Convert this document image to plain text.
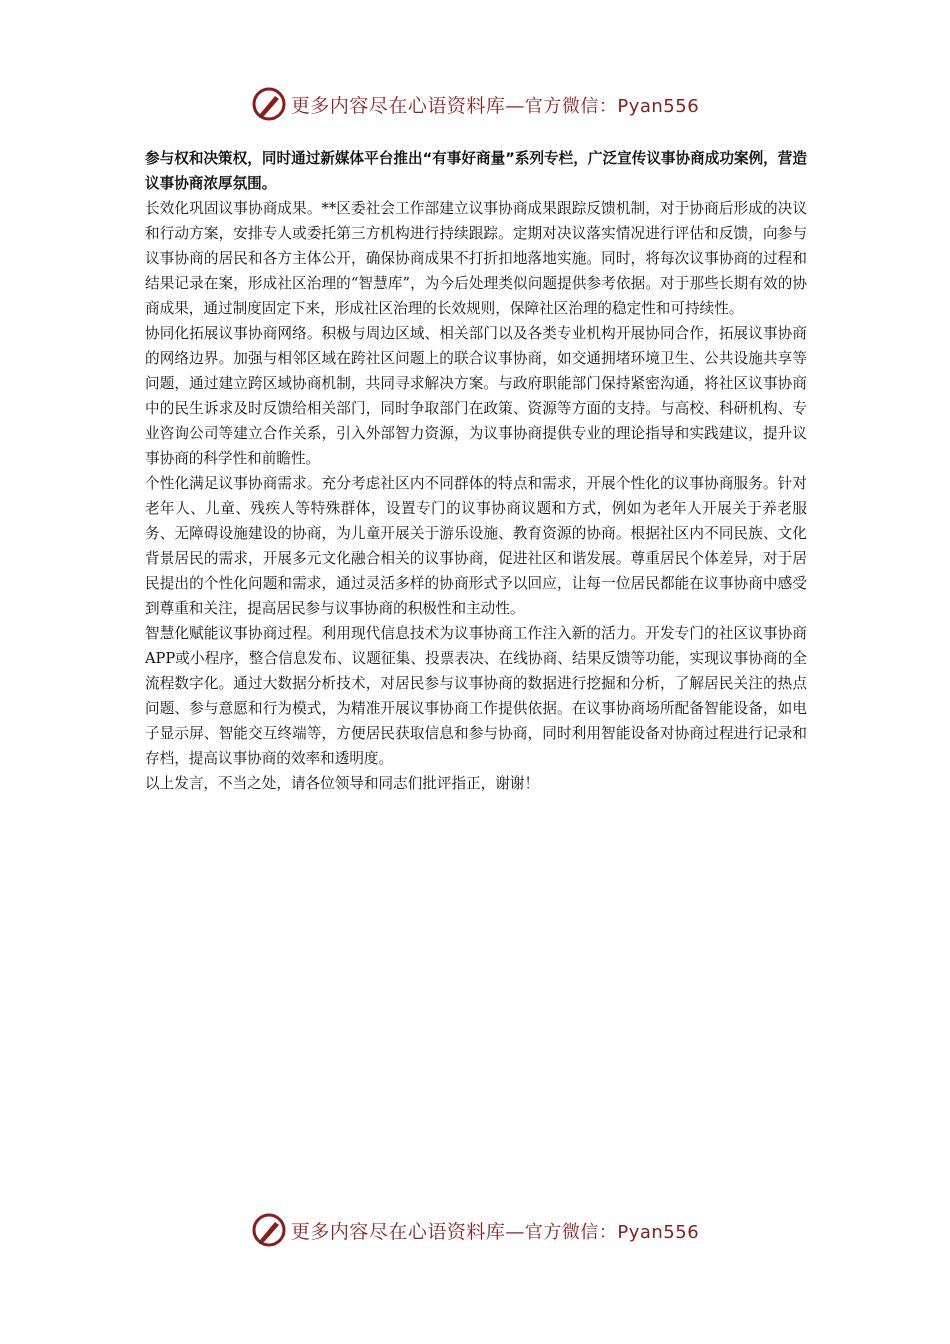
更多内容尽在心语资料库—官方微信：Pyan556

参与权和决策权，同时通过新媒体平台推出“有事好商量”系列专栏，广泛宣传议事协商成功案例，营造议事协商浓厚氛围。

长效化巩固议事协商成果。**区委社会工作部建立议事协商成果跟踪反馈机制，对于协商后形成的决议和行动方案，安排专人或委托第三方机构进行持续跟踪。定期对决议落实情况进行评估和反馈，向参与议事协商的居民和各方主体公开，确保协商成果不打折扣地落地实施。同时，将每次议事协商的过程和结果记录在案，形成社区治理的“智慧库”，为今后处理类似问题提供参考依据。对于那些长期有效的协商成果，通过制度固定下来，形成社区治理的长效规则，保障社区治理的稳定性和可持续性。

协同化拓展议事协商网络。积极与周边区域、相关部门以及各类专业机构开展协同合作，拓展议事协商的网络边界。加强与相邻区域在跨社区问题上的联合议事协商，如交通拥堵环境卫生、公共设施共享等问题，通过建立跨区域协商机制，共同寻求解决方案。与政府职能部门保持紧密沟通，将社区议事协商中的民生诉求及时反馈给相关部门，同时争取部门在政策、资源等方面的支持。与高校、科研机构、专业咨询公司等建立合作关系，引入外部智力资源，为议事协商提供专业的理论指导和实践建议，提升议事协商的科学性和前瞻性。

个性化满足议事协商需求。充分考虑社区内不同群体的特点和需求，开展个性化的议事协商服务。针对老年人、儿童、残疾人等特殊群体，设置专门的议事协商议题和方式，例如为老年人开展关于养老服务、无障碍设施建设的协商，为儿童开展关于游乐设施、教育资源的协商。根据社区内不同民族、文化背景居民的需求，开展多元文化融合相关的议事协商，促进社区和谐发展。尊重居民个体差异，对于居民提出的个性化问题和需求，通过灵活多样的协商形式予以回应，让每一位居民都能在议事协商中感受到尊重和关注，提高居民参与议事协商的积极性和主动性。

智慧化赋能议事协商过程。利用现代信息技术为议事协商工作注入新的活力。开发专门的社区议事协商APP或小程序，整合信息发布、议题征集、投票表决、在线协商、结果反馈等功能，实现议事协商的全流程数字化。通过大数据分析技术，对居民参与议事协商的数据进行挖掘和分析，了解居民关注的热点问题、参与意愿和行为模式，为精准开展议事协商工作提供依据。在议事协商场所配备智能设备，如电子显示屏、智能交互终端等，方便居民获取信息和参与协商，同时利用智能设备对协商过程进行记录和存档，提高议事协商的效率和透明度。

以上发言，不当之处，请各位领导和同志们批评指正，谢谢！

更多内容尽在心语资料库—官方微信：Pyan556
